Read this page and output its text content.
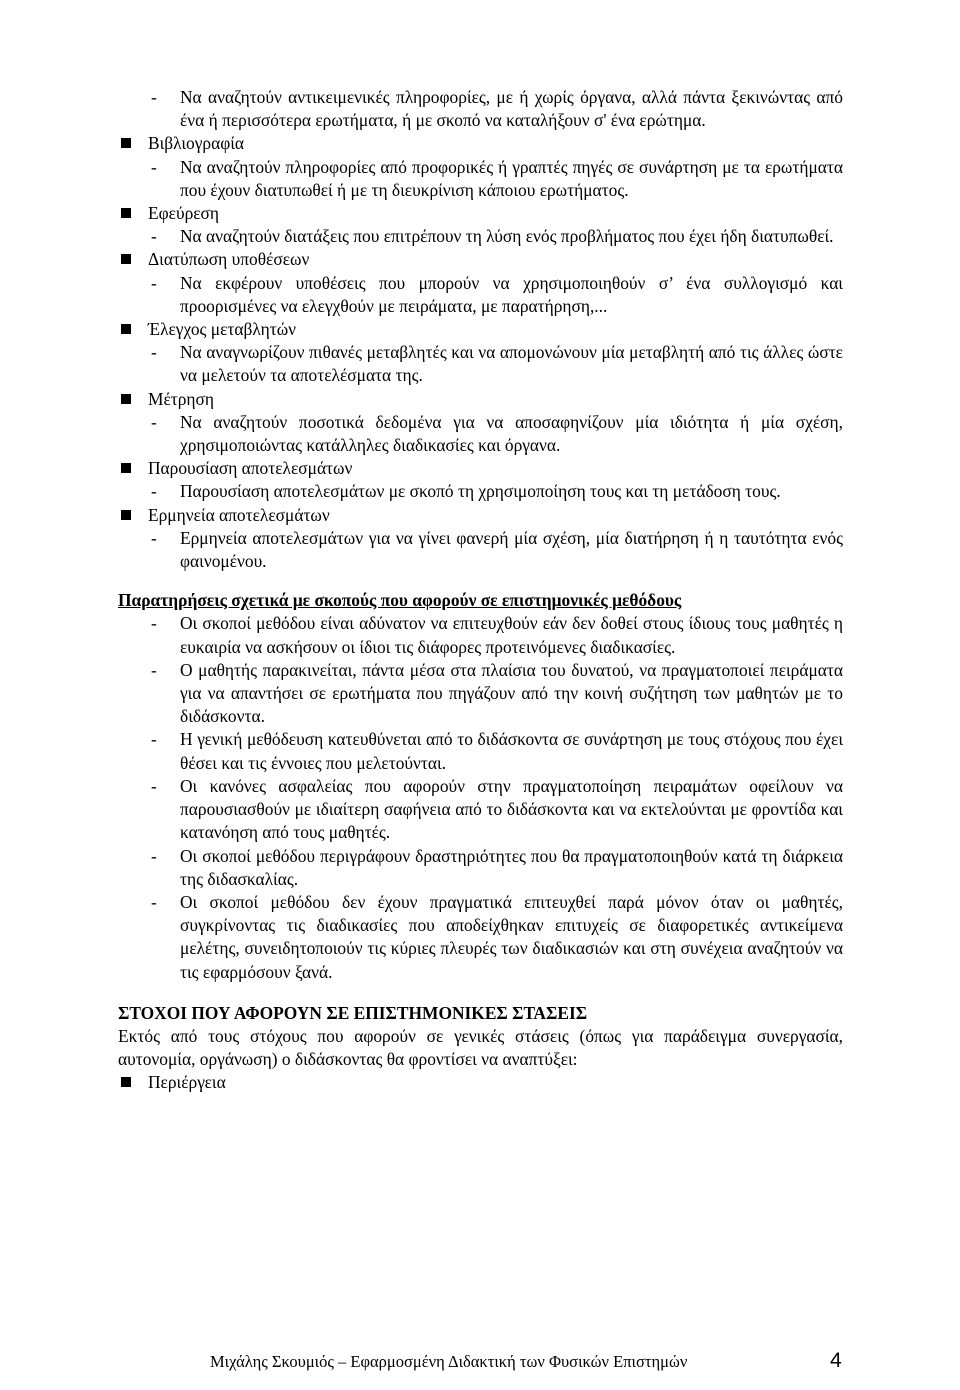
- Να αναζητούν αντικειμενικές πληροφορίες, με ή χωρίς όργανα, αλλά πάντα ξεκινώντας από ένα ή περισσότερα ερωτήματα, ή με σκοπό να καταλήξουν σ' ένα ερώτημα.
Βιβλιογραφία
- Να αναζητούν πληροφορίες από προφορικές ή γραπτές πηγές σε συνάρτηση με τα ερωτήματα που έχουν διατυπωθεί ή με τη διευκρίνιση κάποιου ερωτήματος.
Εφεύρεση
- Να αναζητούν διατάξεις που επιτρέπουν τη λύση ενός προβλήματος που έχει ήδη διατυπωθεί.
Διατύπωση υποθέσεων
- Να εκφέρουν υποθέσεις που μπορούν να χρησιμοποιηθούν σ’ ένα συλλογισμό και προορισμένες να ελεγχθούν με πειράματα, με παρατήρηση,...
Έλεγχος μεταβλητών
- Να αναγνωρίζουν πιθανές μεταβλητές και να απομονώνουν μία μεταβλητή από τις άλλες ώστε να μελετούν τα αποτελέσματα της.
Μέτρηση
- Να αναζητούν ποσοτικά δεδομένα για να αποσαφηνίζουν μία ιδιότητα ή μία σχέση, χρησιμοποιώντας κατάλληλες διαδικασίες και όργανα.
Παρουσίαση αποτελεσμάτων
- Παρουσίαση αποτελεσμάτων με σκοπό τη χρησιμοποίηση τους και τη μετάδοση τους.
Ερμηνεία αποτελεσμάτων
- Ερμηνεία αποτελεσμάτων για να γίνει φανερή μία σχέση, μία διατήρηση ή η ταυτότητα ενός φαινομένου.
Παρατηρήσεις σχετικά με σκοπούς που αφορούν σε επιστημονικές μεθόδους
- Οι σκοποί μεθόδου είναι αδύνατον να επιτευχθούν εάν δεν δοθεί στους ίδιους τους μαθητές η ευκαιρία να ασκήσουν οι ίδιοι τις διάφορες προτεινόμενες διαδικασίες.
- Ο μαθητής παρακινείται, πάντα μέσα στα πλαίσια του δυνατού, να πραγματοποιεί πειράματα για να απαντήσει σε ερωτήματα που πηγάζουν από την κοινή συζήτηση των μαθητών με το διδάσκοντα.
- Η γενική μεθόδευση κατευθύνεται από το διδάσκοντα σε συνάρτηση με τους στόχους που έχει θέσει και τις έννοιες που μελετούνται.
- Οι κανόνες ασφαλείας που αφορούν στην πραγματοποίηση πειραμάτων οφείλουν να παρουσιασθούν με ιδιαίτερη σαφήνεια από το διδάσκοντα και να εκτελούνται με φροντίδα και κατανόηση από τους μαθητές.
- Οι σκοποί μεθόδου περιγράφουν δραστηριότητες που θα πραγματοποιηθούν κατά τη διάρκεια της διδασκαλίας.
- Οι σκοποί μεθόδου δεν έχουν πραγματικά επιτευχθεί παρά μόνον όταν οι μαθητές, συγκρίνοντας τις διαδικασίες που αποδείχθηκαν επιτυχείς σε διαφορετικές αντικείμενα μελέτης, συνειδητοποιούν τις κύριες πλευρές των διαδικασιών και στη συνέχεια αναζητούν να τις εφαρμόσουν ξανά.
ΣΤΟΧΟΙ ΠΟΥ ΑΦΟΡΟΥΝ ΣΕ ΕΠΙΣΤΗΜΟΝΙΚΕΣ ΣΤΑΣΕΙΣ
Εκτός από τους στόχους που αφορούν σε γενικές στάσεις (όπως για παράδειγμα συνεργασία, αυτονομία, οργάνωση) ο διδάσκοντας θα φροντίσει να αναπτύξει:
Περιέργεια
Μιχάλης Σκουμιός – Εφαρμοσμένη Διδακτική των Φυσικών Επιστημών	4
